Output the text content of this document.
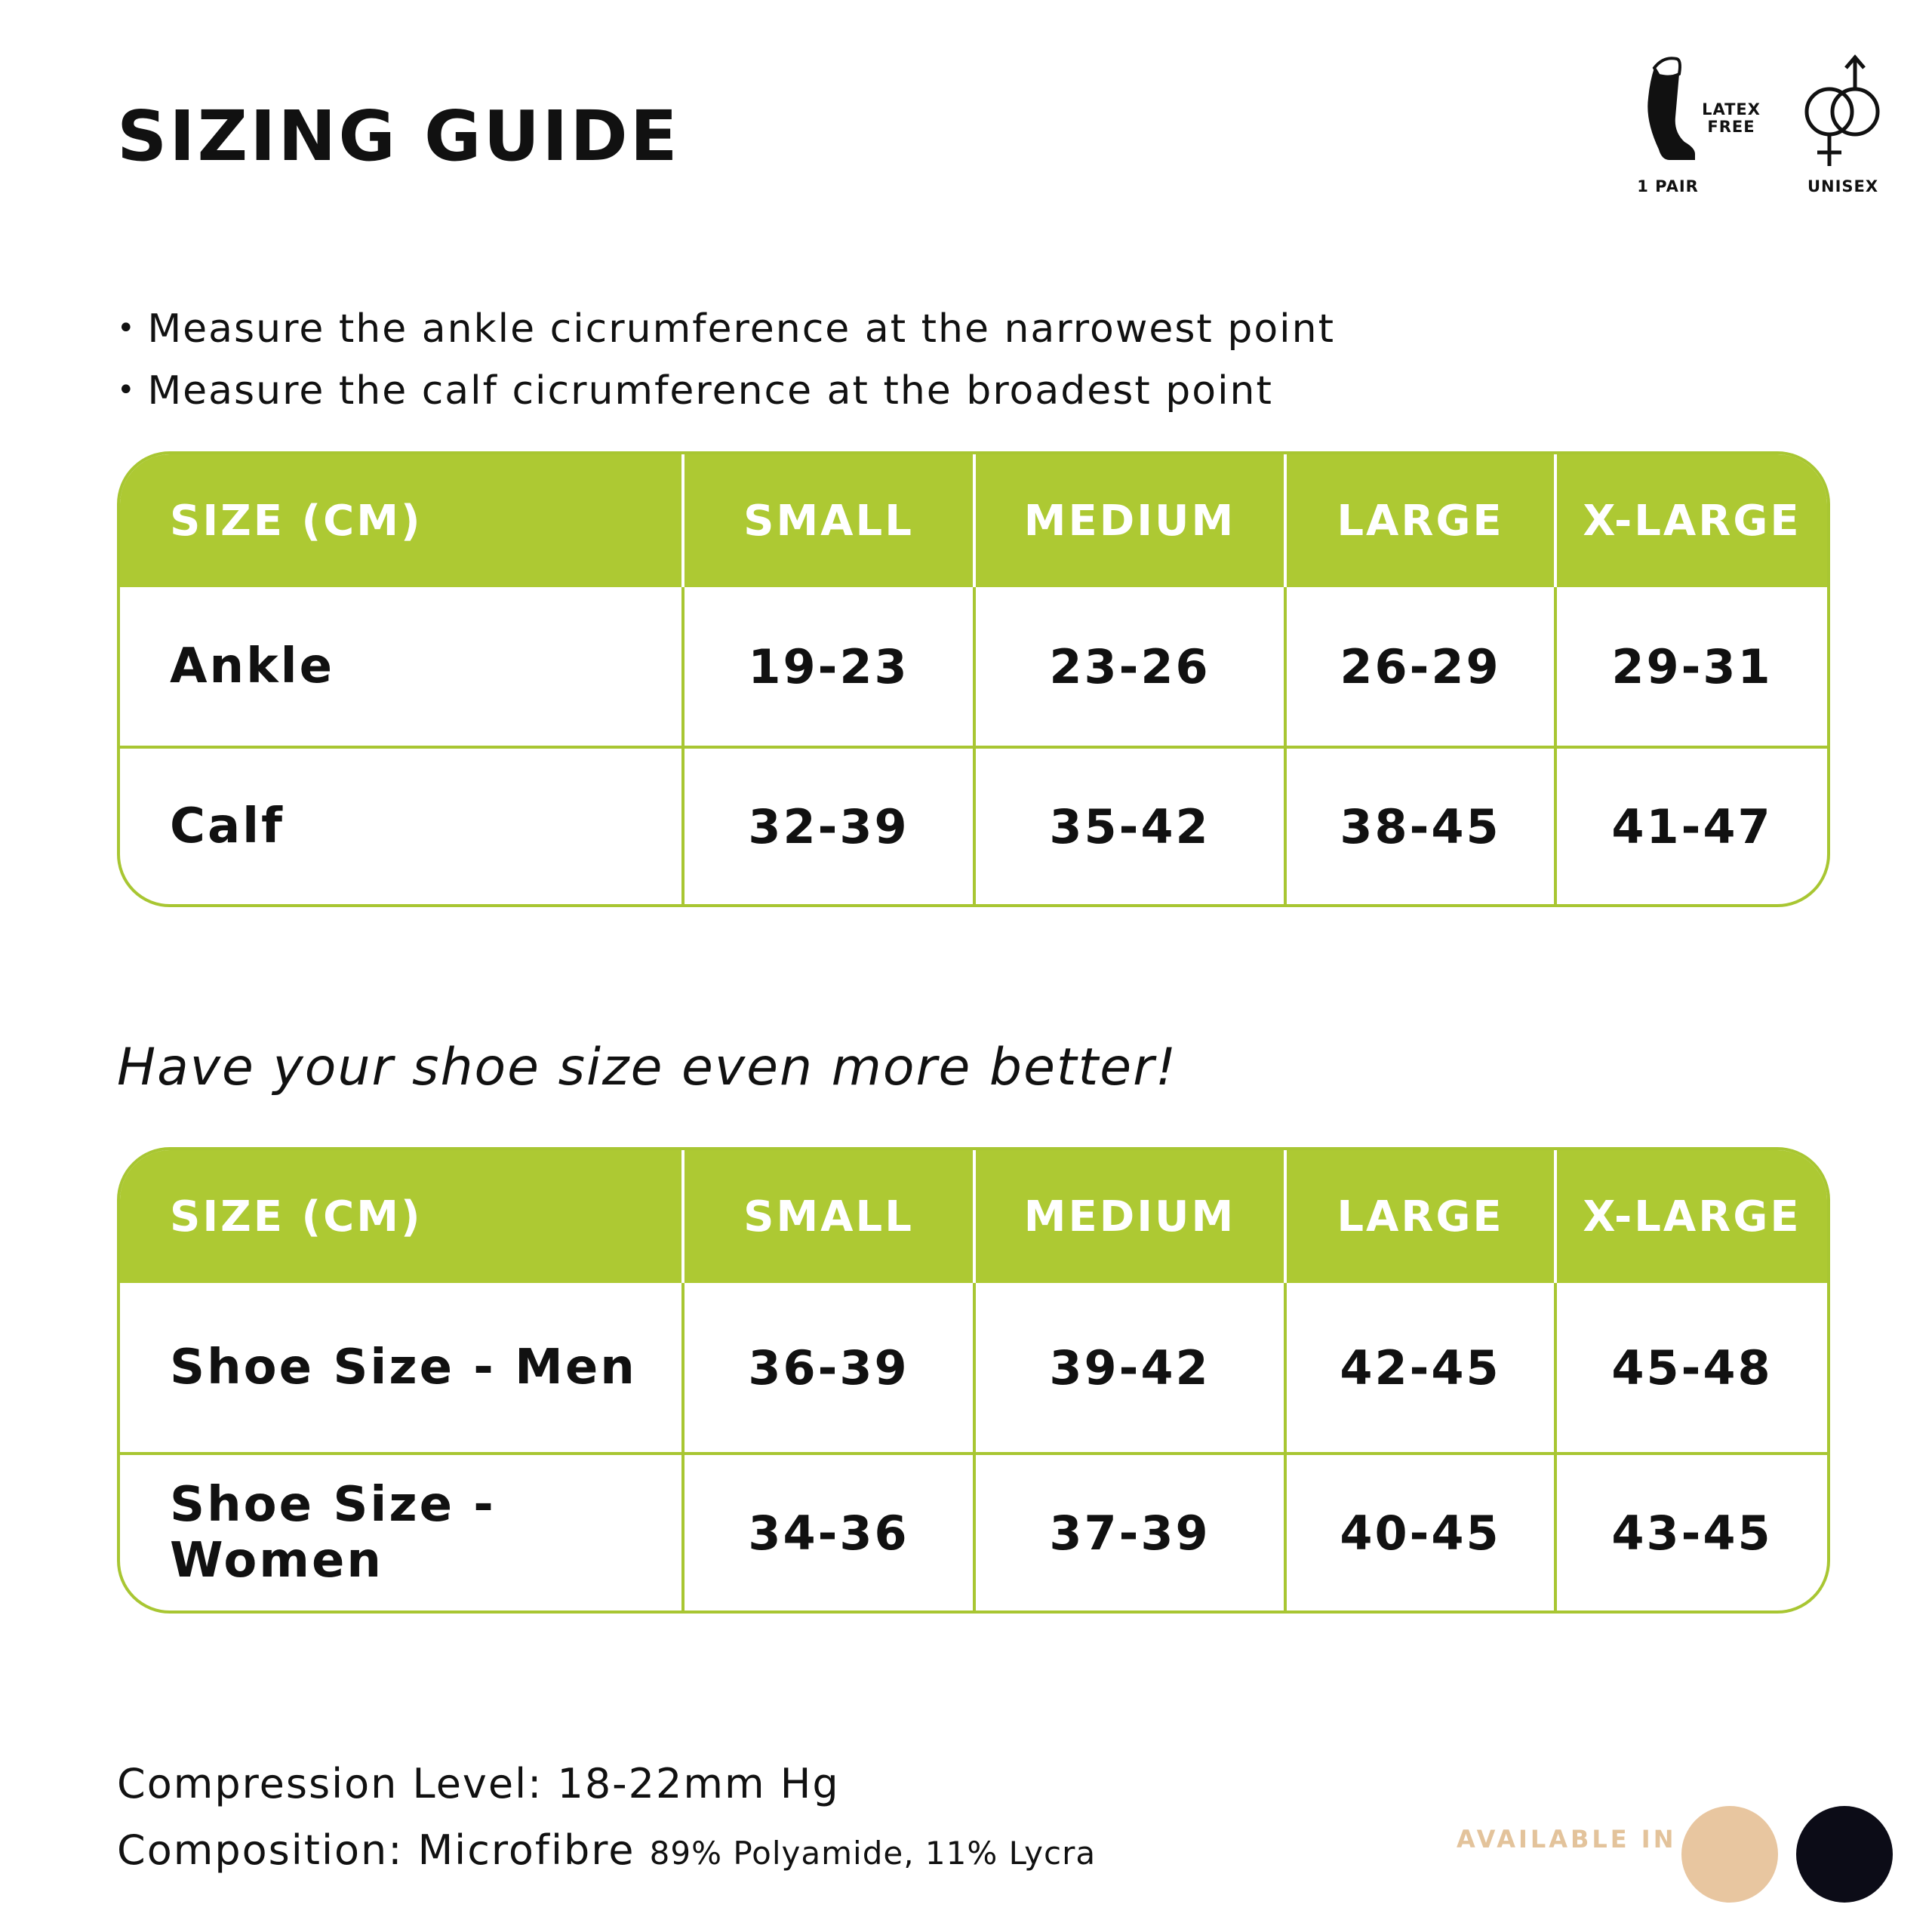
SIZING GUIDE
1 PAIR
LATEX
FREE
UNISEX
• Measure the ankle cicrumference at the narrowest point
• Measure the calf cicrumference at the broadest point
SIZE (CM)	SMALL	MEDIUM	LARGE	X-LARGE
Ankle	19-23	23-26	26-29	29-31
Calf	32-39	35-42	38-45	41-47
Have your shoe size even more better!
SIZE (CM)	SMALL	MEDIUM	LARGE	X-LARGE
Shoe Size - Men	36-39	39-42	42-45	45-48
Shoe Size - Women	34-36	37-39	40-45	43-45
Compression Level: 18-22mm Hg
Composition: Microfibre 89% Polyamide, 11% Lycra	AVAILABLE IN
